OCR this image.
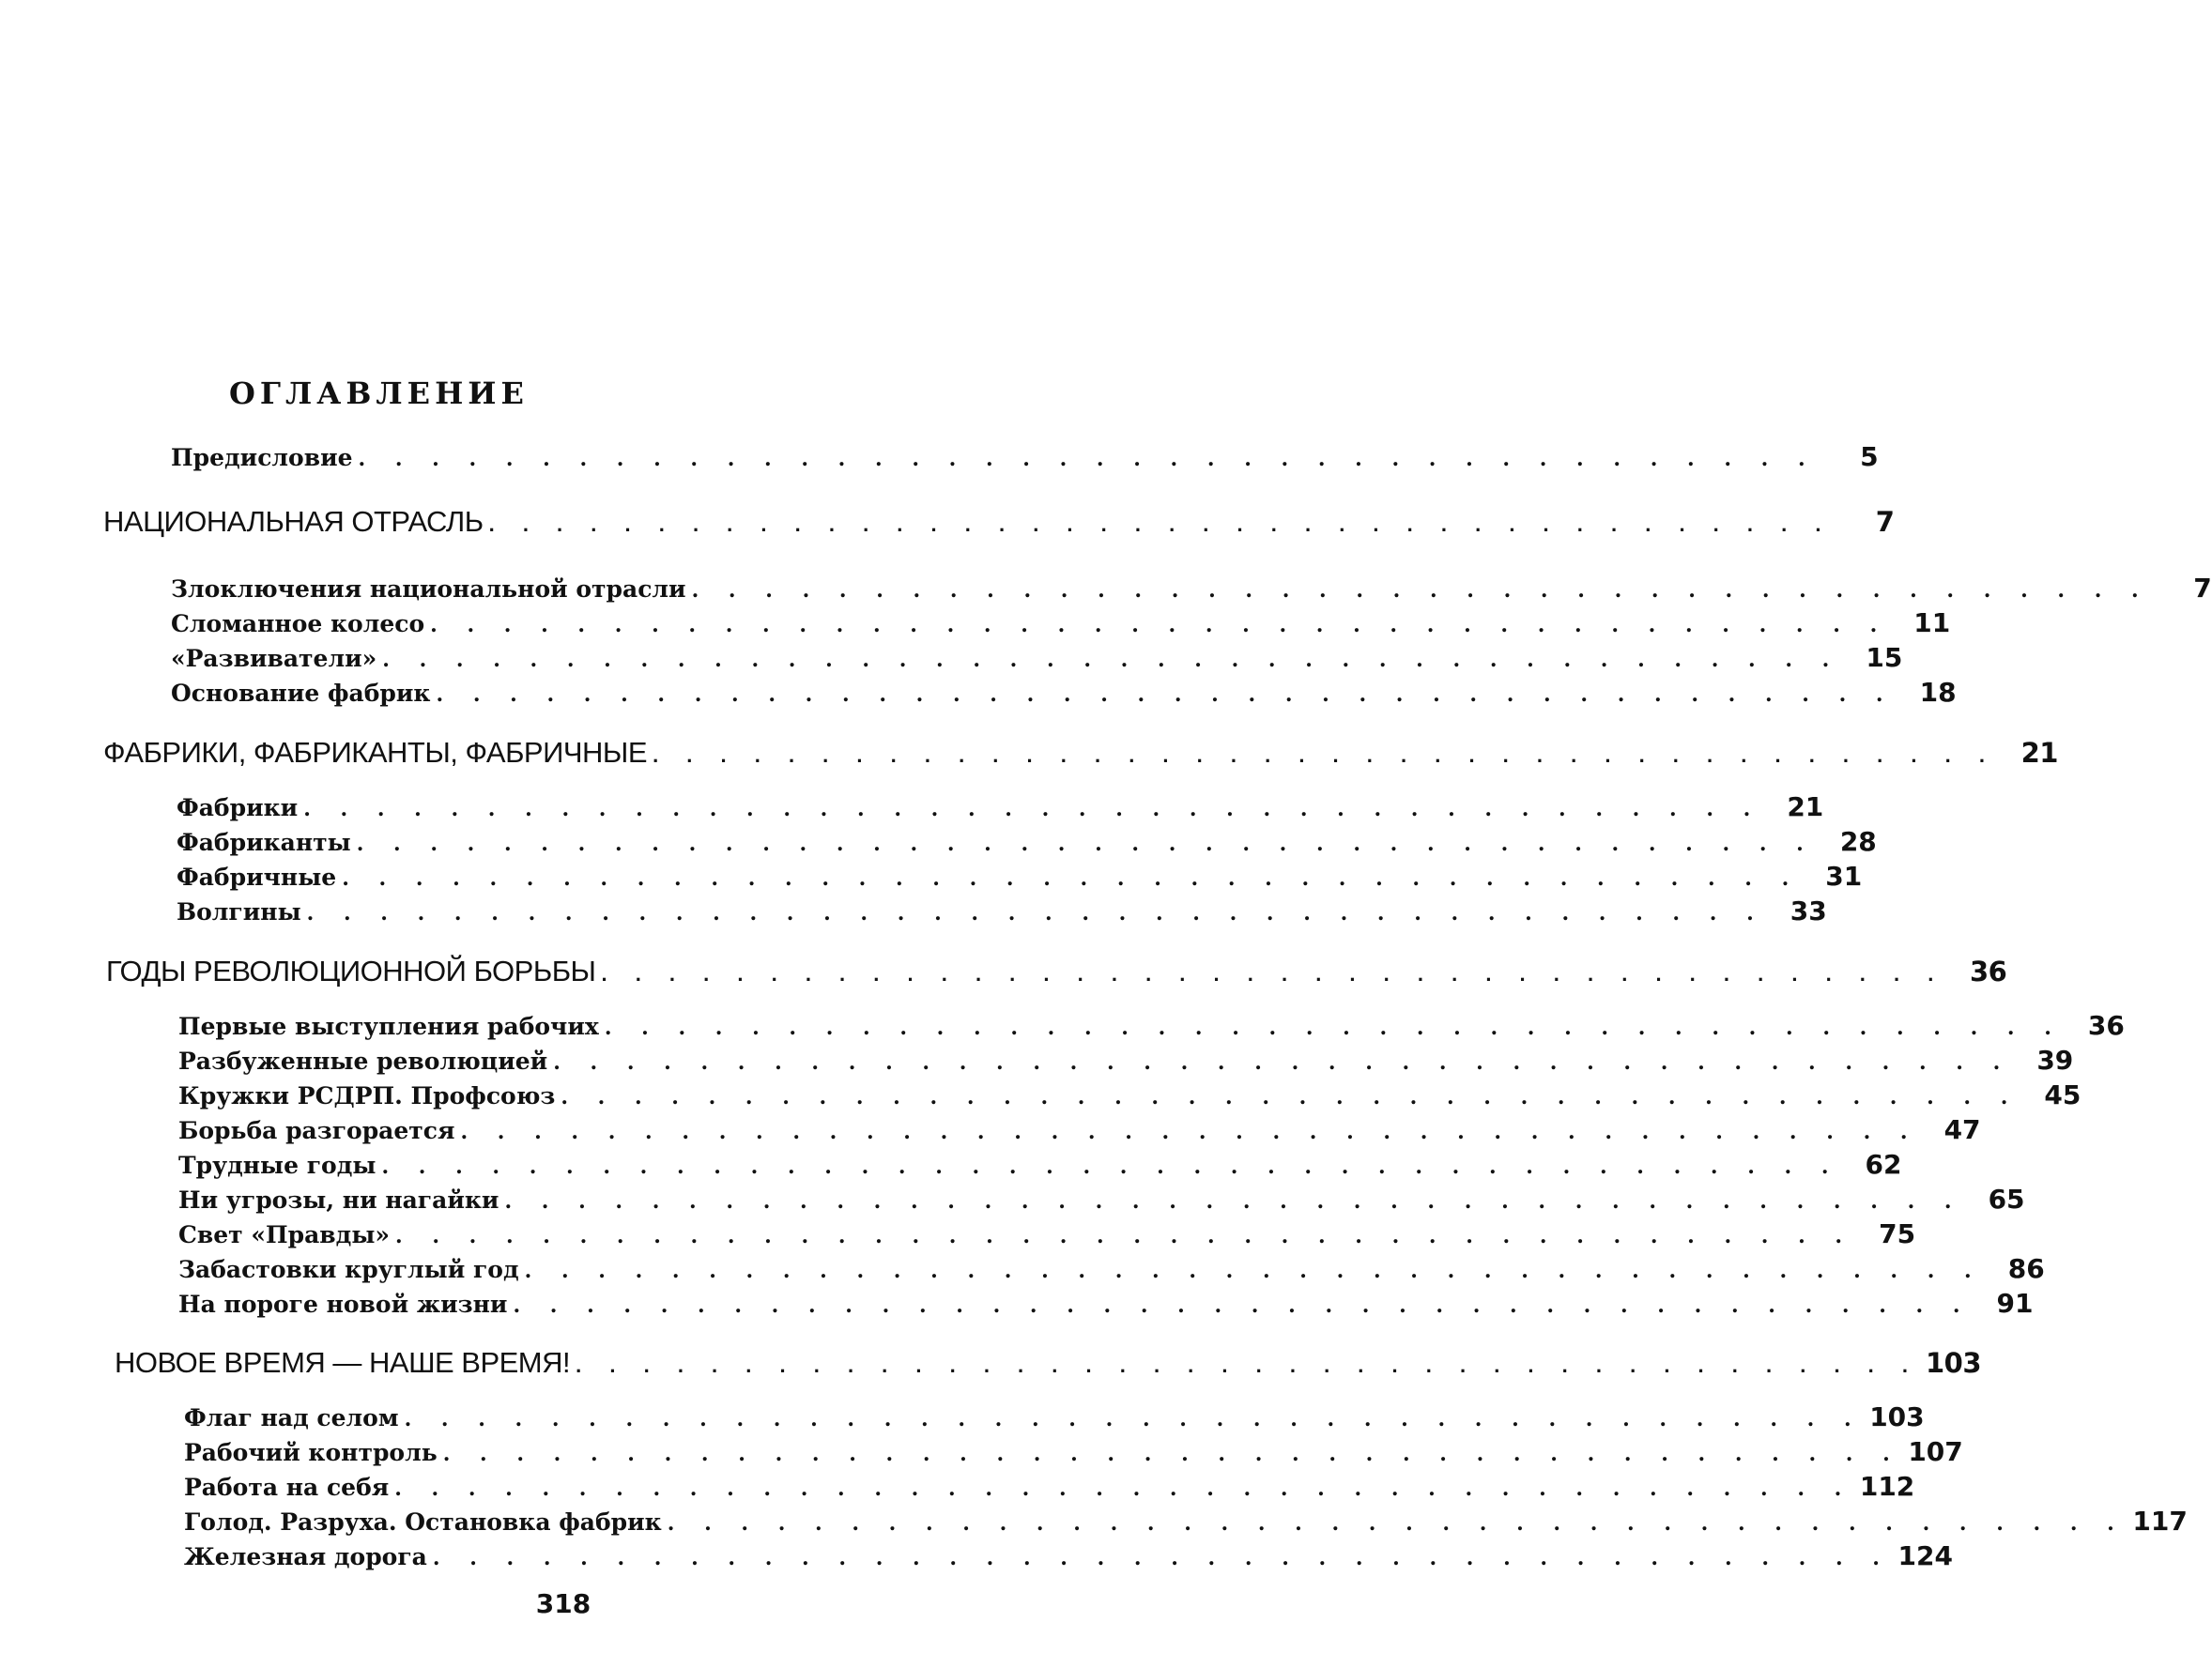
ОГЛАВЛЕНИЕ
Предисловие . . . . . . . . . . . . . . . . . . . . . . . . . . . . . . . . . . . . . . . .	5
НАЦИОНАЛЬНАЯ ОТРАСЛЬ . . . . . . . . . . . . . . . . . . . . . . . . . . . . . . . . . . . . . . . .	7
Злоключения национальной отрасли . . . . . . . . . . . . . . . . . . . . . . . . . . . . . . . . . . . . . . . .	7
Сломанное колесо . . . . . . . . . . . . . . . . . . . . . . . . . . . . . . . . . . . . . . . . 11
«Развиватели» . . . . . . . . . . . . . . . . . . . . . . . . . . . . . . . . . . . . . . . . 15
Основание фабрик . . . . . . . . . . . . . . . . . . . . . . . . . . . . . . . . . . . . . . . . 18
ФАБРИКИ, ФАБРИКАНТЫ, ФАБРИЧНЫЕ . . . . . . . . . . . . . . . . . . . . . . . . . . . . . . . . . . . . . . . . 21
Фабрики . . . . . . . . . . . . . . . . . . . . . . . . . . . . . . . . . . . . . . . . 21
Фабриканты . . . . . . . . . . . . . . . . . . . . . . . . . . . . . . . . . . . . . . . . 28
Фабричные . . . . . . . . . . . . . . . . . . . . . . . . . . . . . . . . . . . . . . . . 31
Волгины . . . . . . . . . . . . . . . . . . . . . . . . . . . . . . . . . . . . . . . . 33
ГОДЫ РЕВОЛЮЦИОННОЙ БОРЬБЫ . . . . . . . . . . . . . . . . . . . . . . . . . . . . . . . . . . . . . . . . 36
Первые выступления рабочих . . . . . . . . . . . . . . . . . . . . . . . . . . . . . . . . . . . . . . . . 36
Разбуженные революцией . . . . . . . . . . . . . . . . . . . . . . . . . . . . . . . . . . . . . . . . 39
Кружки РСДРП. Профсоюз . . . . . . . . . . . . . . . . . . . . . . . . . . . . . . . . . . . . . . . . 45
Борьба разгорается . . . . . . . . . . . . . . . . . . . . . . . . . . . . . . . . . . . . . . . . 47
Трудные годы . . . . . . . . . . . . . . . . . . . . . . . . . . . . . . . . . . . . . . . . 62
Ни угрозы, ни нагайки . . . . . . . . . . . . . . . . . . . . . . . . . . . . . . . . . . . . . . . . 65
Свет «Правды» . . . . . . . . . . . . . . . . . . . . . . . . . . . . . . . . . . . . . . . . 75
Забастовки круглый год . . . . . . . . . . . . . . . . . . . . . . . . . . . . . . . . . . . . . . . . 86
На пороге новой жизни . . . . . . . . . . . . . . . . . . . . . . . . . . . . . . . . . . . . . . . . 91
НОВОЕ ВРЕМЯ — НАШЕ ВРЕМЯ! . . . . . . . . . . . . . . . . . . . . . . . . . . . . . . . . . . . . . . . . 103
Флаг над селом . . . . . . . . . . . . . . . . . . . . . . . . . . . . . . . . . . . . . . . . 103
Рабочий контроль . . . . . . . . . . . . . . . . . . . . . . . . . . . . . . . . . . . . . . . . 107
Работа на себя . . . . . . . . . . . . . . . . . . . . . . . . . . . . . . . . . . . . . . . . 112
Голод. Разруха. Остановка фабрик . . . . . . . . . . . . . . . . . . . . . . . . . . . . . . . . . . . . . . . . 117
Железная дорога . . . . . . . . . . . . . . . . . . . . . . . . . . . . . . . . . . . . . . . . 124
318
